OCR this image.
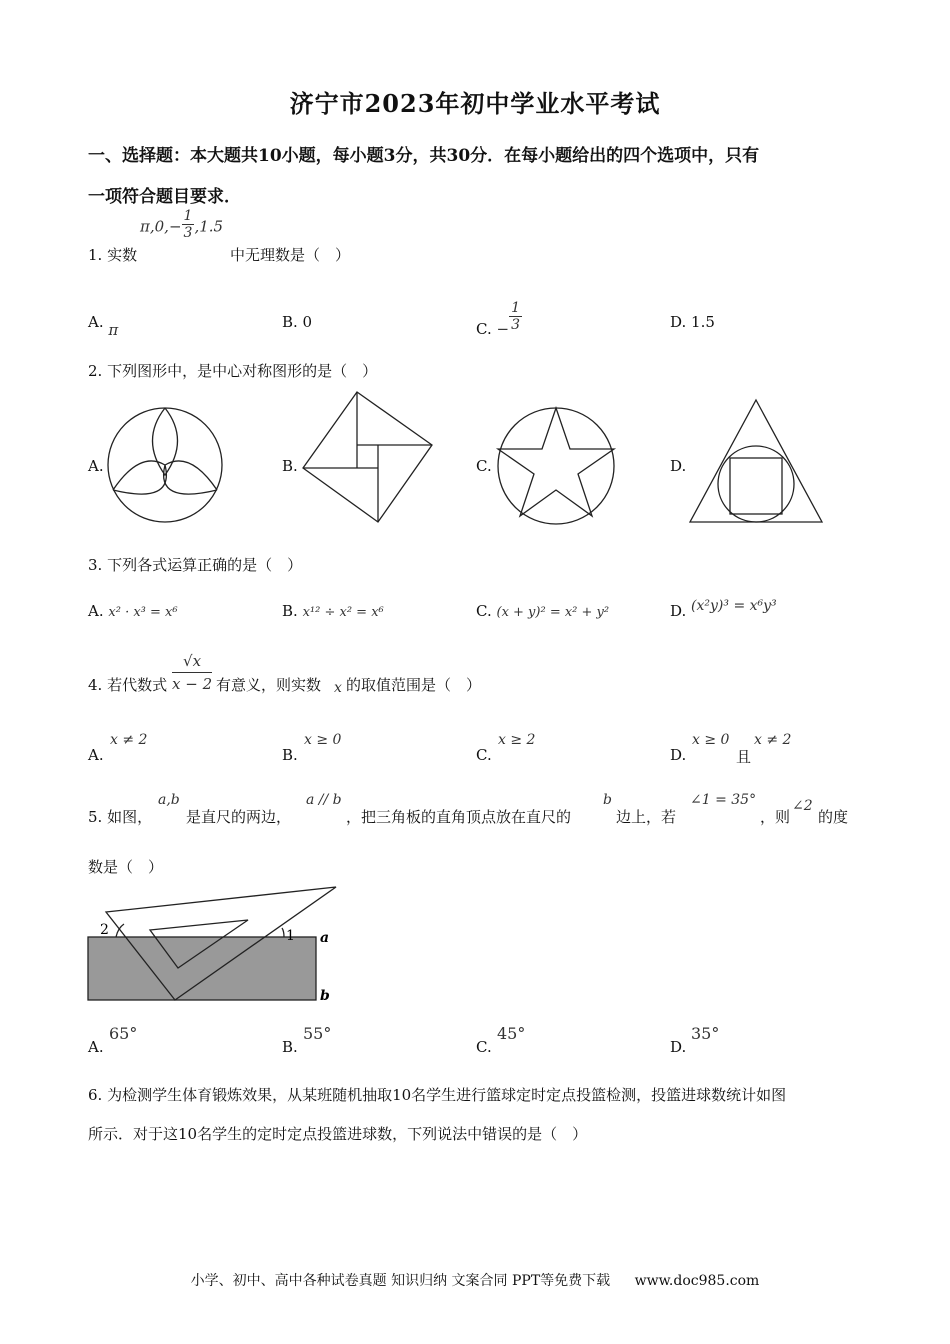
济宁市2023年初中学业水平考试
一、选择题：本大题共10小题，每小题3分，共30分．在每小题给出的四个选项中，只有
一项符合题目要求．
1. 实数
$\pi,0,- \frac{1}{3} ,1.5$
中无理数是（　）
A. π	B. 0	C. − $\frac{1}{3}$	D. 1.5
2. 下列图形中，是中心对称图形的是（　）
A.	B.	C.	D.
3. 下列各式运算正确的是（　）
A. x² · x³ = x⁶	B. x¹² ÷ x² = x⁶	C. (x + y)² = x² + y²	D. (x²y)³ = x⁶y³
4. 若代数式 $\frac{√x}{x - 2}$ 有意义，则实数 x 的取值范围是（　）
A.
x ≠ 2
B.
x ≥ 0
C.
x ≥ 2
D.
x ≥ 0
且
x ≠ 2
5. 如图，
a,b
是直尺的两边，
a // b
，把三角板的直角顶点放在直尺的
b
边上，若
∠1 = 35°
，则
∠2
的度
数是（　）
2	1 a
b
A.
65°
B.
55°
C.
45°
D.
35°
6. 为检测学生体育锻炼效果，从某班随机抽取10名学生进行篮球定时定点投篮检测，投篮进球数统计如图
所示．对于这10名学生的定时定点投篮进球数，下列说法中错误的是（　）
小学、初中、高中各种试卷真题 知识归纳 文案合同 PPT等免费下载 www.doc985.com
